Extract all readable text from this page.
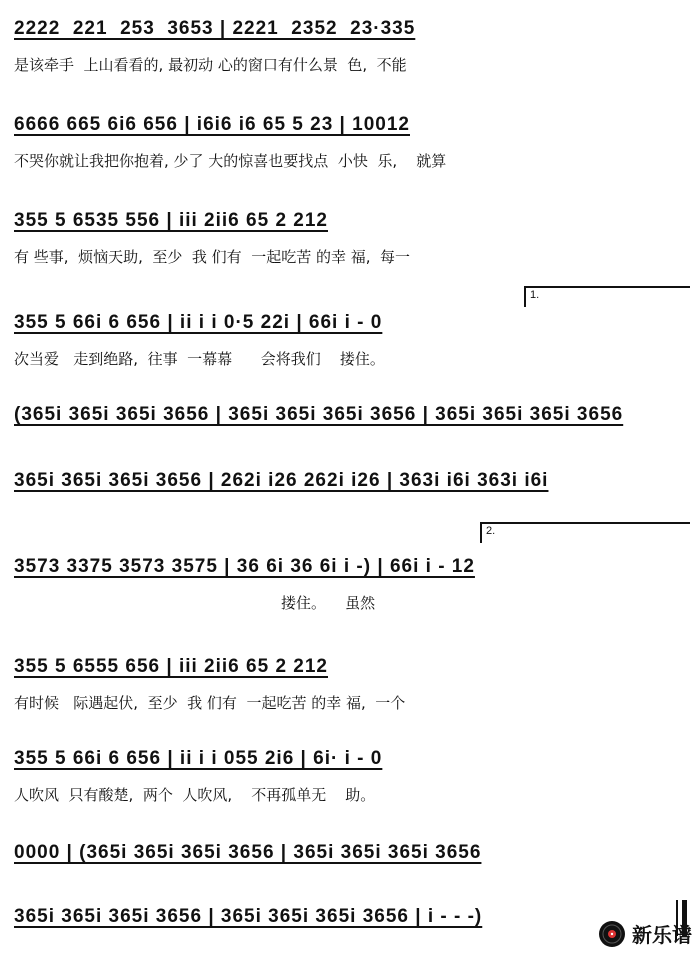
2222  221  253  3653 | 2221  2352  23·335
是该牵手  上山看看的, 最初动 心的窗口有什么景  色,  不能
6666 665 6i6 656 | i6i6 i6 65 5 23 | 10012
不哭你就让我把你抱着, 少了 大的惊喜也要找点  小快  乐,    就算
355 5 6535 556 | iii 2ii6 65 2 212
有 些事,  烦恼天助,  至少  我 们有  一起吃苦 的幸 福,  每一
1.
355 5 66i 6 656 | ii i i 0·5 22i | 66i i - 0
次当爱   走到绝路,  往事  一幕幕      会将我们    搂住。
(365i 365i 365i 3656 | 365i 365i 365i 3656 | 365i 365i 365i 3656
365i 365i 365i 3656 | 262i i26 262i i26 | 363i i6i 363i i6i
2.
3573 3375 3573 3575 | 36 6i 36 6i i -) | 66i i - 12
搂住。    虽然
355 5 6555 656 | iii 2ii6 65 2 212
有时候   际遇起伏,  至少  我 们有  一起吃苦 的幸 福,  一个
355 5 66i 6 656 | ii i i 055 2i6 | 6i· i - 0
人吹风  只有酸楚,  两个  人吹风,    不再孤单无    助。
0000 | (365i 365i 365i 3656 | 365i 365i 365i 3656
365i 365i 365i 3656 | 365i 365i 365i 3656 | i - - -)
新乐谱
